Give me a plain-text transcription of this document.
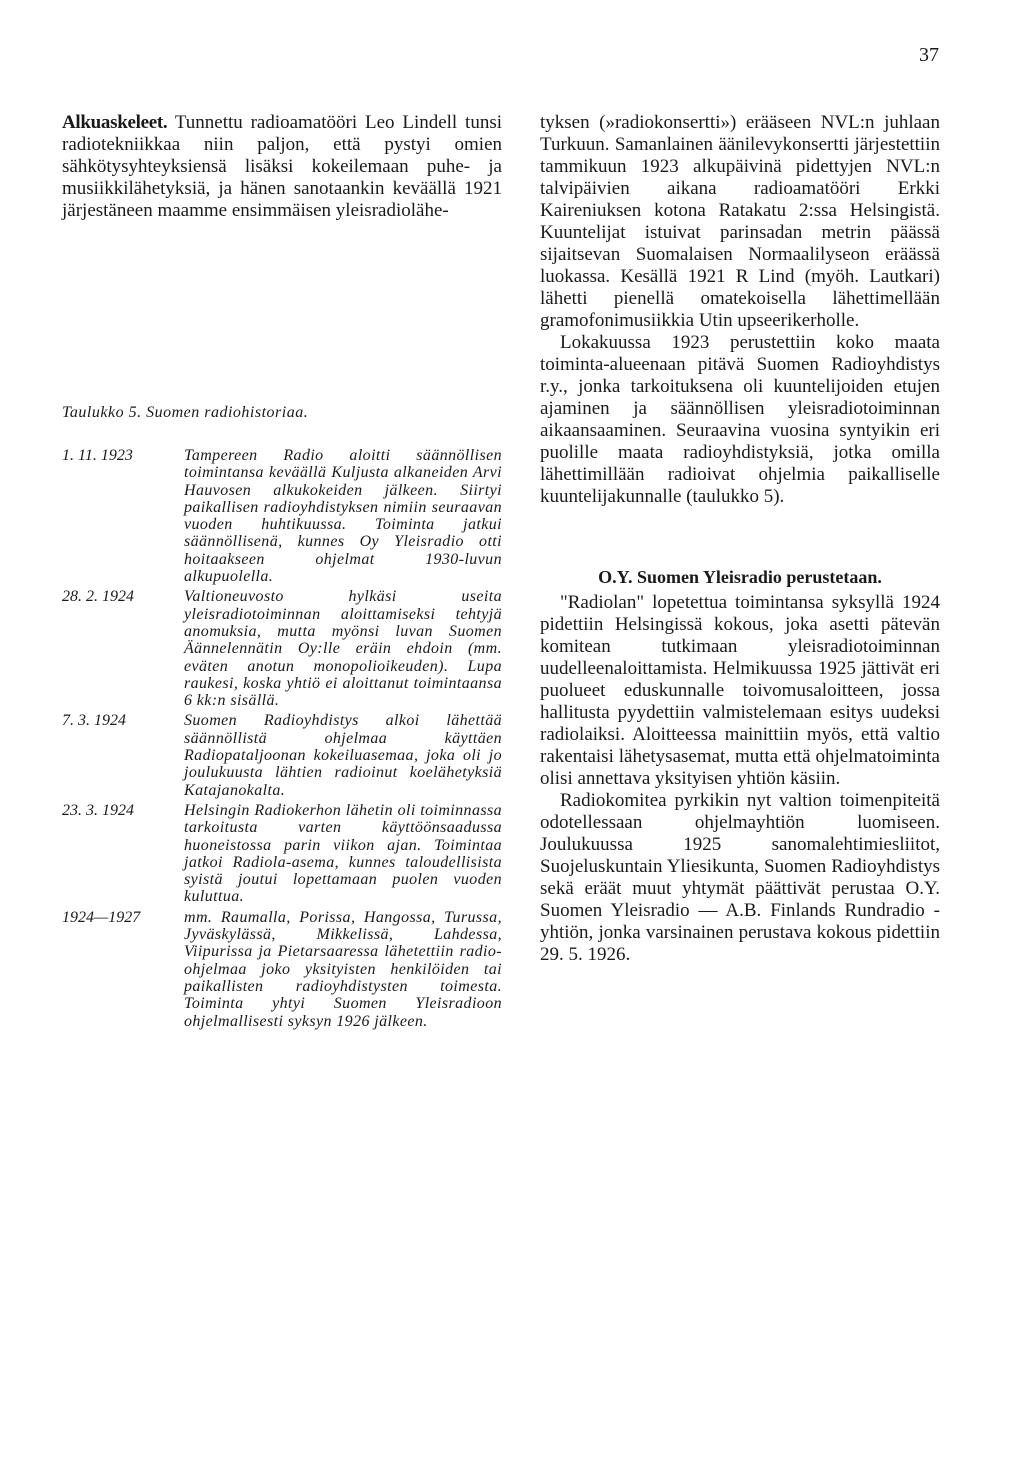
37

Alkuaskeleet. Tunnettu radioamatööri Leo Lindell tunsi radiotekniikkaa niin paljon, että pystyi omien sähkötysyhteyksiensä lisäksi kokeilemaan puhe- ja musiikkilähetyksiä, ja hänen sanotaankin keväällä 1921 järjestäneen maamme ensimmäisen yleisradiolähe-

Taulukko 5. Suomen radiohistoriaa.
1. 11. 1923	Tampereen Radio aloitti säännöllisen toimintansa keväällä Kuljusta alkaneiden Arvi Hauvosen alkukokeiden jälkeen. Siirtyi paikallisen radioyhdistyksen nimiin seuraavan vuoden huhtikuussa. Toiminta jatkui säännöllisenä, kunnes Oy Yleisradio otti hoitaakseen ohjelmat 1930-luvun alkupuolella.
28. 2. 1924	Valtioneuvosto hylkäsi useita yleisradiotoiminnan aloittamiseksi tehtyjä anomuksia, mutta myönsi luvan Suomen Äännelennätin Oy:lle eräin ehdoin (mm. eväten anotun monopolioikeuden). Lupa raukesi, koska yhtiö ei aloittanut toimintaansa 6 kk:n sisällä.
7. 3. 1924	Suomen Radioyhdistys alkoi lähettää säännöllistä ohjelmaa käyttäen Radiopataljoonan kokeiluasemaa, joka oli jo joulukuusta lähtien radioinut koelähetyksiä Katajanokalta.
23. 3. 1924	Helsingin Radiokerhon lähetin oli toiminnassa tarkoitusta varten käyttöönsaadussa huoneistossa parin viikon ajan. Toimintaa jatkoi Radiola-asema, kunnes taloudellisista syistä joutui lopettamaan puolen vuoden kuluttua.
1924—1927	mm. Raumalla, Porissa, Hangossa, Turussa, Jyväskylässä, Mikkelissä, Lahdessa, Viipurissa ja Pietarsaaressa lähetettiin radio-ohjelmaa joko yksityisten henkilöiden tai paikallisten radioyhdistysten toimesta. Toiminta yhtyi Suomen Yleisradioon ohjelmallisesti syksyn 1926 jälkeen.

tyksen (»radiokonsertti») erääseen NVL:n juhlaan Turkuun. Samanlainen äänilevykonsertti järjestettiin tammikuun 1923 alkupäivinä pidettyjen NVL:n talvipäivien aikana radioamatööri Erkki Kaireniuksen kotona Ratakatu 2:ssa Helsingistä. Kuuntelijat istuivat parinsadan metrin päässä sijaitsevan Suomalaisen Normaalilyseon eräässä luokassa. Kesällä 1921 R Lind (myöh. Lautkari) lähetti pienellä omatekoisella lähettimellään gramofonimusiikkia Utin upseerikerholle.

Lokakuussa 1923 perustettiin koko maata toiminta-alueenaan pitävä Suomen Radioyhdistys r.y., jonka tarkoituksena oli kuuntelijoiden etujen ajaminen ja säännöllisen yleisradiotoiminnan aikaansaaminen. Seuraavina vuosina syntyikin eri puolille maata radioyhdistyksiä, jotka omilla lähettimillään radioivat ohjelmia paikalliselle kuuntelijakunnalle (taulukko 5).

O.Y. Suomen Yleisradio perustetaan.

"Radiolan" lopetettua toimintansa syksyllä 1924 pidettiin Helsingissä kokous, joka asetti pätevän komitean tutkimaan yleisradiotoiminnan uudelleenaloittamista. Helmikuussa 1925 jättivät eri puolueet eduskunnalle toivomusaloitteen, jossa hallitusta pyydettiin valmistelemaan esitys uudeksi radiolaiksi. Aloitteessa mainittiin myös, että valtio rakentaisi lähetysasemat, mutta että ohjelmatoiminta olisi annettava yksityisen yhtiön käsiin.

Radiokomitea pyrkikin nyt valtion toimenpiteitä odotellessaan ohjelmayhtiön luomiseen. Joulukuussa 1925 sanomalehtimiesliitot, Suojeluskuntain Yliesikunta, Suomen Radioyhdistys sekä eräät muut yhtymät päättivät perustaa O.Y. Suomen Yleisradio — A.B. Finlands Rundradio -yhtiön, jonka varsinainen perustava kokous pidettiin 29. 5. 1926.
